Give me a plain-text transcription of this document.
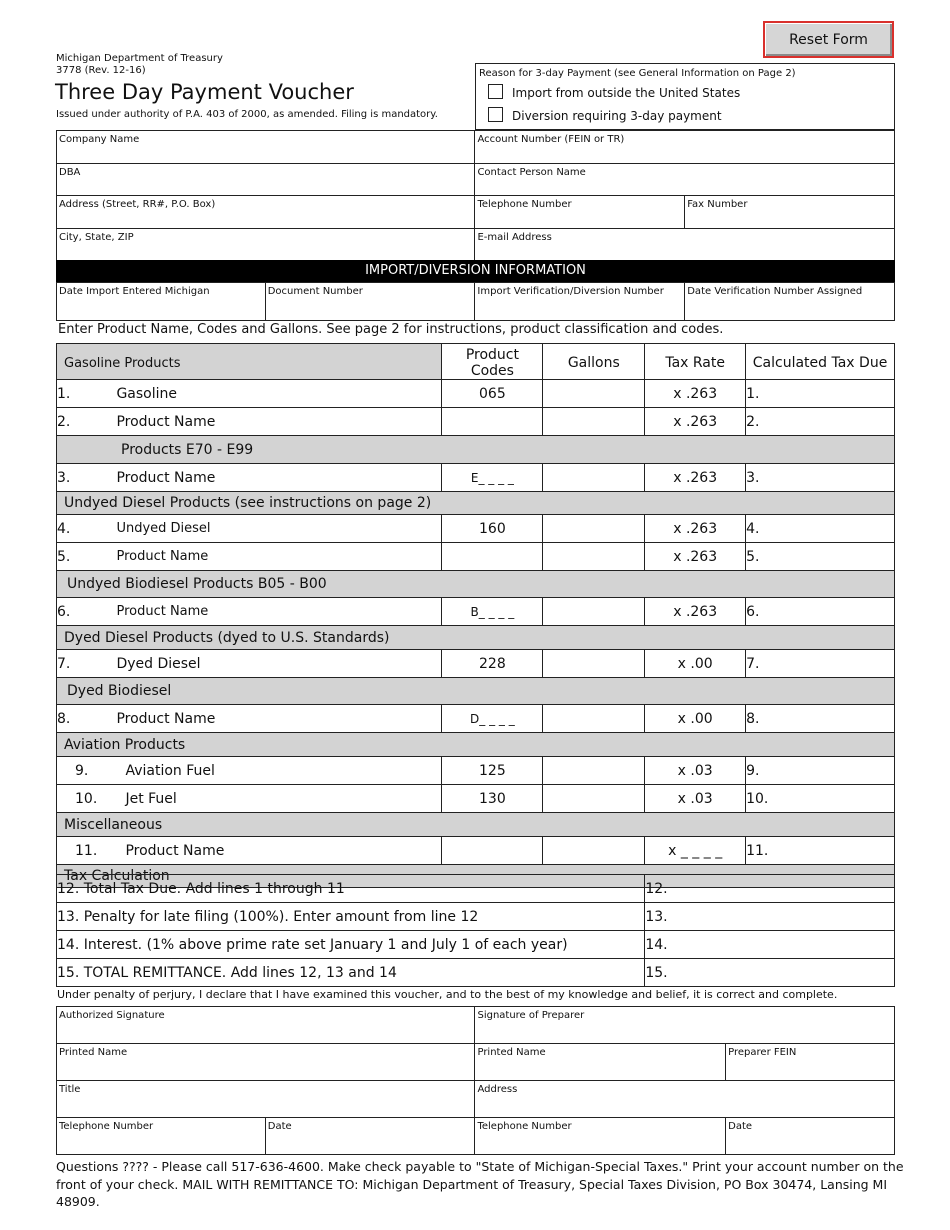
Reset Form
Michigan Department of Treasury
3778 (Rev. 12-16)
Three Day Payment Voucher
Issued under authority of P.A. 403 of 2000, as amended. Filing is mandatory.
Reason for 3-day Payment (see General Information on Page 2)
Import from outside the United States
Diversion requiring 3-day payment
Company Name	Account Number (FEIN or TR)	

DBA	Contact Person Name	

Address (Street, RR#, P.O. Box)	Telephone Number	Fax Number

City, State, ZIP	E-mail Address	
IMPORT/DIVERSION INFORMATION
Date Import Entered Michigan	Document Number	Import Verification/Diversion Number	Date Verification Number Assigned
Enter Product Name, Codes and Gallons. See page 2 for instructions, product classification and codes.
Gasoline Products		Product Codes	Gallons	Tax Rate	Calculated Tax Due
1.	Gasoline	065		x .263	1.
2.	Product Name			x .263	2.
Products E70 - E99					
3.	Product Name	E_ _ _ _		x .263	3.
Undyed Diesel Products (see instructions on page 2)					
4.	Undyed Diesel	160		x .263	4.
5.	Product Name			x .263	5.
Undyed Biodiesel Products B05 - B00					
6.	Product Name	B_ _ _ _		x .263	6.
Dyed Diesel Products (dyed to U.S. Standards)					
7.	Dyed Diesel	228		x .00	7.
Dyed Biodiesel					
8.	Product Name	D_ _ _ _		x .00	8.
Aviation Products					
9.	Aviation Fuel	125		x .03	9.
10.	Jet Fuel	130		x .03	10.
Miscellaneous					
11.	Product Name			x _ _ _ _	11.
Tax Calculation					
12. Total Tax Due. Add lines 1 through 11	12.
13. Penalty for late filing (100%). Enter amount from line 12	13.
14. Interest. (1% above prime rate set January 1 and July 1 of each year)	14.
15. TOTAL REMITTANCE. Add lines 12, 13 and 14	15.
Under penalty of perjury, I declare that I have examined this voucher, and to the best of my knowledge and belief, it is correct and complete.
Authorized Signature		Signature of Preparer	

Printed Name		Printed Name	Preparer FEIN

Title		Address	

Telephone Number	Date	Telephone Number	Date
Questions ???? - Please call 517-636-4600. Make check payable to "State of Michigan-Special Taxes." Print your account number on the front of your check. MAIL WITH REMITTANCE TO: Michigan Department of Treasury, Special Taxes Division, PO Box 30474, Lansing MI 48909.
